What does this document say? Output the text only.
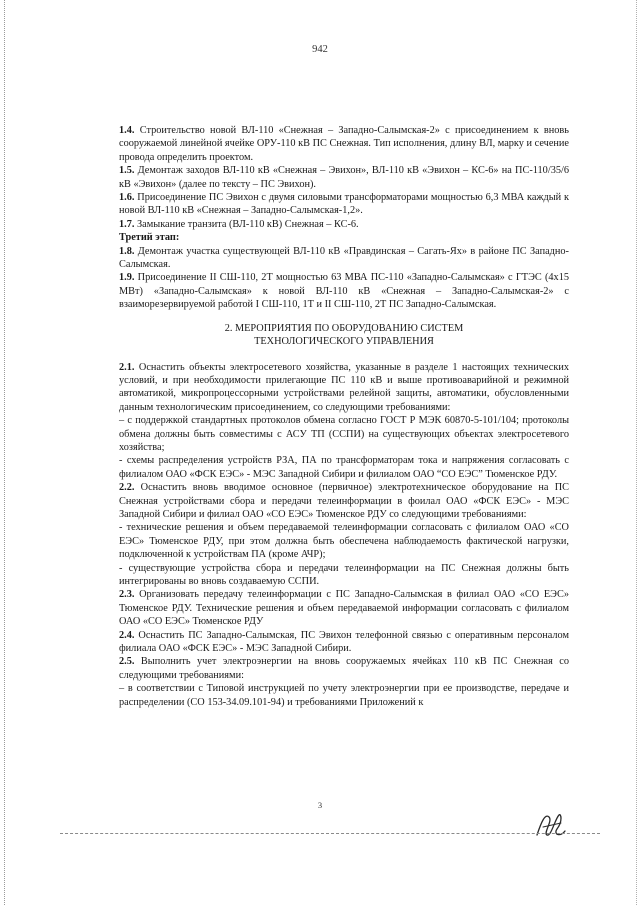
942

1.4. Строительство новой ВЛ-110 «Снежная – Западно-Салымская-2» с присоединением к вновь сооружаемой линейной ячейке ОРУ-110 кВ ПС Снежная. Тип исполнения, длину ВЛ, марку и сечение провода определить проектом.

1.5. Демонтаж заходов ВЛ-110 кВ «Снежная – Эвихон», ВЛ-110 кВ «Эвихон – КС-6» на ПС-110/35/6 кВ «Эвихон» (далее по тексту – ПС Эвихон).

1.6. Присоединение ПС Эвихон с двумя силовыми трансформаторами мощностью 6,3 МВА каждый к новой ВЛ-110 кВ «Снежная – Западно-Салымская-1,2».

1.7. Замыкание транзита (ВЛ-110 кВ) Снежная – КС-6.

Третий этап:

1.8. Демонтаж участка существующей ВЛ-110 кВ «Правдинская – Сагать-Ях» в районе ПС Западно-Салымская.

1.9. Присоединение II СШ-110, 2Т мощностью 63 МВА ПС-110 «Западно-Салымская» с ГТЭС (4х15 МВт) «Западно-Салымская» к новой ВЛ-110 кВ «Снежная – Западно-Салымская-2» с взаиморезервируемой работой I СШ-110, 1Т и II СШ-110, 2Т ПС Западно-Салымская.

2. МЕРОПРИЯТИЯ ПО ОБОРУДОВАНИЮ СИСТЕМ
ТЕХНОЛОГИЧЕСКОГО УПРАВЛЕНИЯ

2.1. Оснастить объекты электросетевого хозяйства, указанные в разделе 1 настоящих технических условий, и при необходимости прилегающие ПС 110 кВ и выше противоаварийной и режимной автоматикой, микропроцессорными устройствами релейной защиты, автоматики, обусловленными данным технологическим присоединением, со следующими требованиями:

– с поддержкой стандартных протоколов обмена согласно ГОСТ Р МЭК 60870-5-101/104; протоколы обмена должны быть совместимы с АСУ ТП (ССПИ) на существующих объектах электросетевого хозяйства;

- схемы распределения устройств РЗА, ПА по трансформаторам тока и напряжения согласовать с филиалом ОАО «ФСК ЕЭС» - МЭС Западной Сибири и филиалом ОАО “СО ЕЭС” Тюменское РДУ.

2.2. Оснастить вновь вводимое основное (первичное) электротехническое оборудование на ПС Снежная устройствами сбора и передачи телеинформации в фоилал ОАО «ФСК ЕЭС» - МЭС Западной Сибири и филиал ОАО «СО ЕЭС» Тюменское РДУ со следующими требованиями:

- технические решения и объем передаваемой телеинформации согласовать с филиалом ОАО «СО ЕЭС» Тюменское РДУ, при этом должна быть обеспечена наблюдаемость фактической нагрузки, подключенной к устройствам ПА (кроме АЧР);

- существующие устройства сбора и передачи телеинформации на ПС Снежная должны быть интегрированы во вновь создаваемую ССПИ.

2.3. Организовать передачу телеинформации с ПС Западно-Салымская в филиал ОАО «СО ЕЭС» Тюменское РДУ. Технические решения и объем передаваемой информации согласовать с филиалом ОАО «СО ЕЭС» Тюменское РДУ

2.4. Оснастить ПС Западно-Салымская, ПС Эвихон телефонной связью с оперативным персоналом филиала ОАО «ФСК ЕЭС» - МЭС Западной Сибири.

2.5. Выполнить учет электроэнергии на вновь сооружаемых ячейках 110 кВ ПС Снежная со следующими требованиями:

– в соответствии с Типовой инструкцией по учету электроэнергии при ее производстве, передаче и распределении (СО 153-34.09.101-94) и требованиями Приложений к

3
